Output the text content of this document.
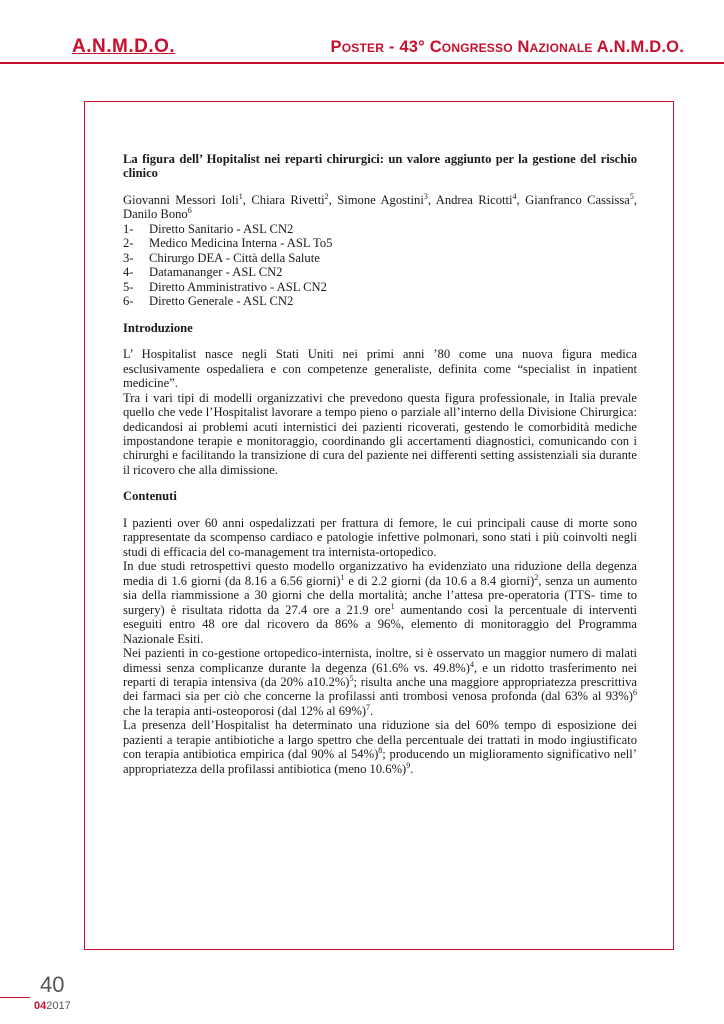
A.N.M.D.O.	Poster - 43° Congresso Nazionale A.N.M.D.O.

La figura dell’ Hopitalist nei reparti chirurgici: un valore aggiunto per la gestione del rischio clinico

Giovanni Messori Ioli$^1$, Chiara Rivetti$^2$, Simone Agostini$^3$, Andrea Ricotti$^4$, Gianfranco Cassissa$^5$, Danilo Bono$^6$

1-	Diretto Sanitario - ASL CN2
2-	Medico Medicina Interna - ASL To5
3-	Chirurgo DEA - Città della Salute
4-	Datamananger - ASL CN2
5-	Diretto Amministrativo - ASL CN2
6-	Diretto Generale - ASL CN2
Introduzione

L’ Hospitalist nasce negli Stati Uniti nei primi anni ’80 come una nuova figura medica esclusivamente ospedaliera e con competenze generaliste, definita come “specialist in inpatient medicine”.

Tra i vari tipi di modelli organizzativi che prevedono questa figura professionale, in Italia prevale quello che vede l’Hospitalist lavorare a tempo pieno o parziale all’interno della Divisione Chirurgica: dedicandosi ai problemi acuti internistici dei pazienti ricoverati, gestendo le comorbidità mediche impostandone terapie e monitoraggio, coordinando gli accertamenti diagnostici, comunicando con i chirurghi e facilitando la transizione di cura del paziente nei differenti setting assistenziali sia durante il ricovero che alla dimissione.

Contenuti

I pazienti over 60 anni ospedalizzati per frattura di femore, le cui principali cause di morte sono rappresentate da scompenso cardiaco e patologie infettive polmonari, sono stati i più coinvolti negli studi di efficacia del co-management tra internista-ortopedico.

In due studi retrospettivi questo modello organizzativo ha evidenziato una riduzione della degenza media di 1.6 giorni (da 8.16 a 6.56 giorni)$^1$ e di 2.2 giorni (da 10.6 a 8.4 giorni)$^2$, senza un aumento sia della riammissione a 30 giorni che della mortalità; anche l’attesa pre-operatoria (TTS- time to surgery) è risultata ridotta da 27.4 ore a 21.9 ore$^1$ aumentando così la percentuale di interventi eseguiti entro 48 ore dal ricovero da 86% a 96%, elemento di monitoraggio del Programma Nazionale Esiti.

Nei pazienti in co-gestione ortopedico-internista, inoltre, si è osservato un maggior numero di malati dimessi senza complicanze durante la degenza (61.6% vs. 49.8%)$^4$, e un ridotto trasferimento nei reparti di terapia intensiva (da 20% a10.2%)$^5$; risulta anche una maggiore appropriatezza prescrittiva dei farmaci sia per ciò che concerne la profilassi anti trombosi venosa profonda (dal 63% al 93%)$^6$ che la terapia anti-osteoporosi (dal 12% al 69%)$^7$.

La presenza dell’Hospitalist ha determinato una riduzione sia del 60% tempo di esposizione dei pazienti a terapie antibiotiche a largo spettro che della percentuale dei trattati in modo ingiustificato con terapia antibiotica empirica (dal 90% al 54%)$^8$; producendo un miglioramento significativo nell’ appropriatezza della profilassi antibiotica (meno 10.6%)$^9$.

40
042017
